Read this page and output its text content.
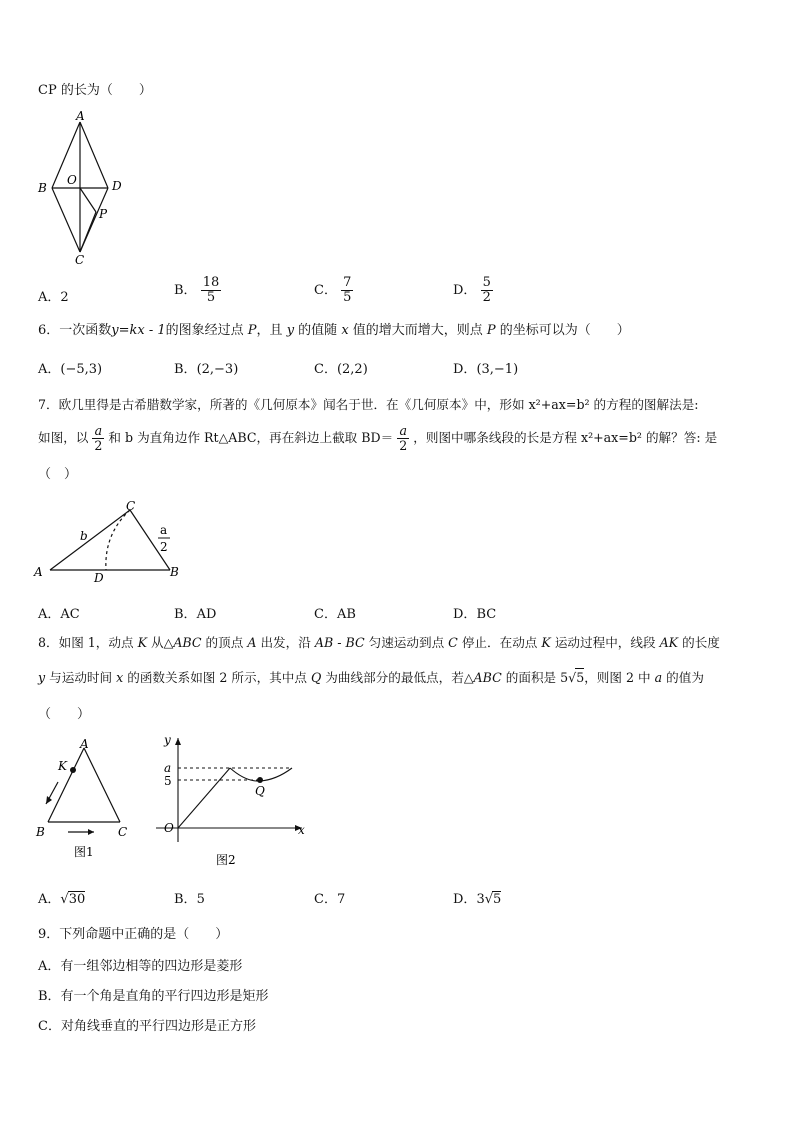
CP 的长为（　　）
A
B	D
O
P
C
A．2	B． $\frac{18}{5}$	C． $\frac{7}{5}$	D． $\frac{5}{2}$
6．一次函数y=kx - 1的图象经过点 P，且 y 的值随 x 值的增大而增大，则点 P 的坐标可以为（　　）
A．(−5,3)	B．(2,−3)	C．(2,2)	D．(3,−1)
7．欧几里得是古希腊数学家，所著的《几何原本》闻名于世．在《几何原本》中，形如 x²+ax=b² 的方程的图解法是:
如图，以 $\frac{a}{2}$ 和 b 为直角边作 Rt△ABC，再在斜边上截取 $BD= \frac{a}{2}$ ，则图中哪条线段的长是方程 x²+ax=b² 的解？答: 是
（　）
A
C
B
D
b	a
2
A．AC	B．AD	C．AB	D．BC
8．如图 1，动点 K 从△ABC 的顶点 A 出发，沿 AB - BC 匀速运动到点 C 停止．在动点 K 运动过程中，线段 AK 的长度
y 与运动时间 x 的函数关系如图 2 所示，其中点 Q 为曲线部分的最低点，若△ABC 的面积是 5√5，则图 2 中 a 的值为
（　　）
A
K
B	C
图1
y
a
5
Q
O	x
图2
A．√30	B．5	C．7	D．3√5
9．下列命题中正确的是（　　）
A．有一组邻边相等的四边形是菱形
B．有一个角是直角的平行四边形是矩形
C．对角线垂直的平行四边形是正方形
